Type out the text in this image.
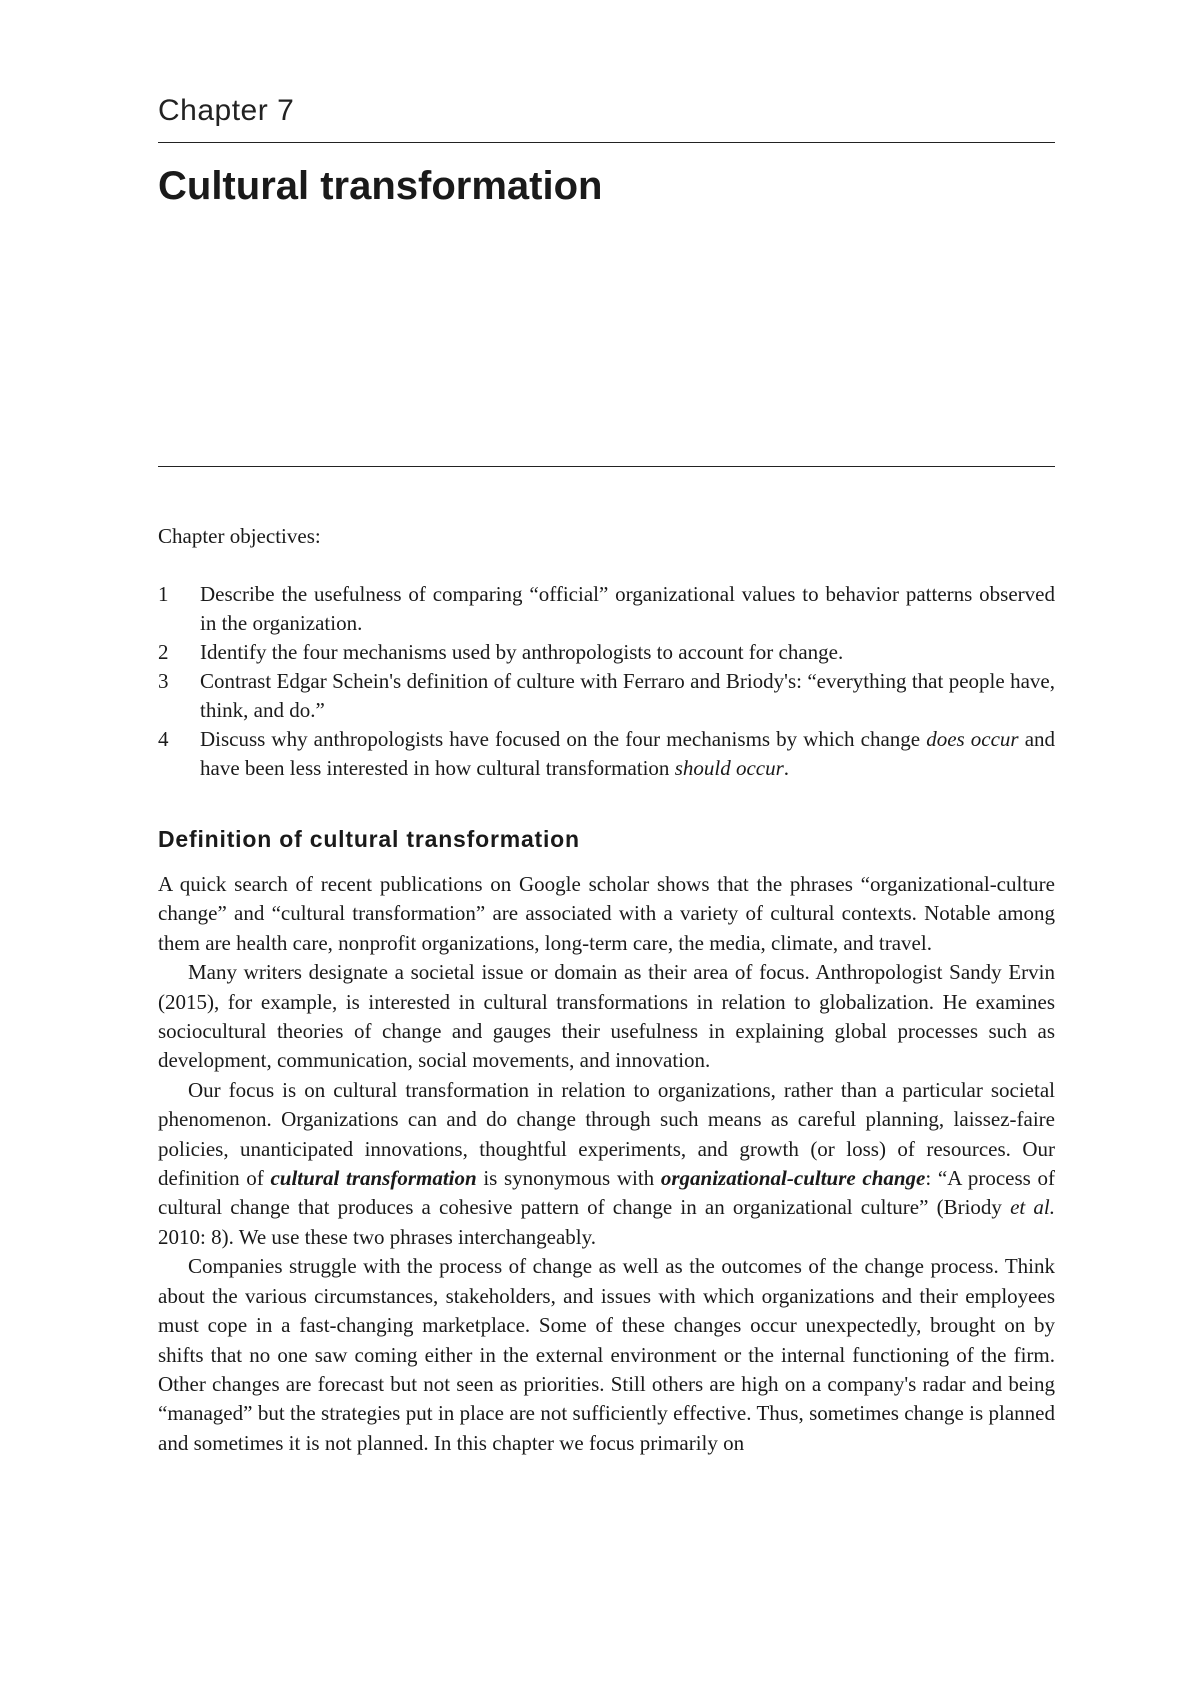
Chapter 7
Cultural transformation
Chapter objectives:
1 Describe the usefulness of comparing “official” organizational values to behavior patterns observed in the organization.
2 Identify the four mechanisms used by anthropologists to account for change.
3 Contrast Edgar Schein's definition of culture with Ferraro and Briody's: “everything that people have, think, and do.”
4 Discuss why anthropologists have focused on the four mechanisms by which change does occur and have been less interested in how cultural transformation should occur.
Definition of cultural transformation

A quick search of recent publications on Google scholar shows that the phrases “organizational-culture change” and “cultural transformation” are associated with a variety of cultural contexts. Notable among them are health care, nonprofit organizations, long-term care, the media, climate, and travel.

Many writers designate a societal issue or domain as their area of focus. Anthropologist Sandy Ervin (2015), for example, is interested in cultural transformations in relation to globalization. He examines sociocultural theories of change and gauges their usefulness in explaining global processes such as development, communication, social movements, and innovation.

Our focus is on cultural transformation in relation to organizations, rather than a particular societal phenomenon. Organizations can and do change through such means as careful planning, laissez-faire policies, unanticipated innovations, thoughtful experiments, and growth (or loss) of resources. Our definition of cultural transformation is synonymous with organizational-culture change: “A process of cultural change that produces a cohesive pattern of change in an organizational culture” (Briody et al. 2010: 8). We use these two phrases interchangeably.

Companies struggle with the process of change as well as the outcomes of the change process. Think about the various circumstances, stakeholders, and issues with which organizations and their employees must cope in a fast-changing marketplace. Some of these changes occur unexpectedly, brought on by shifts that no one saw coming either in the external environment or the internal functioning of the firm. Other changes are forecast but not seen as priorities. Still others are high on a company's radar and being “managed” but the strategies put in place are not sufficiently effective. Thus, sometimes change is planned and sometimes it is not planned. In this chapter we focus primarily on
